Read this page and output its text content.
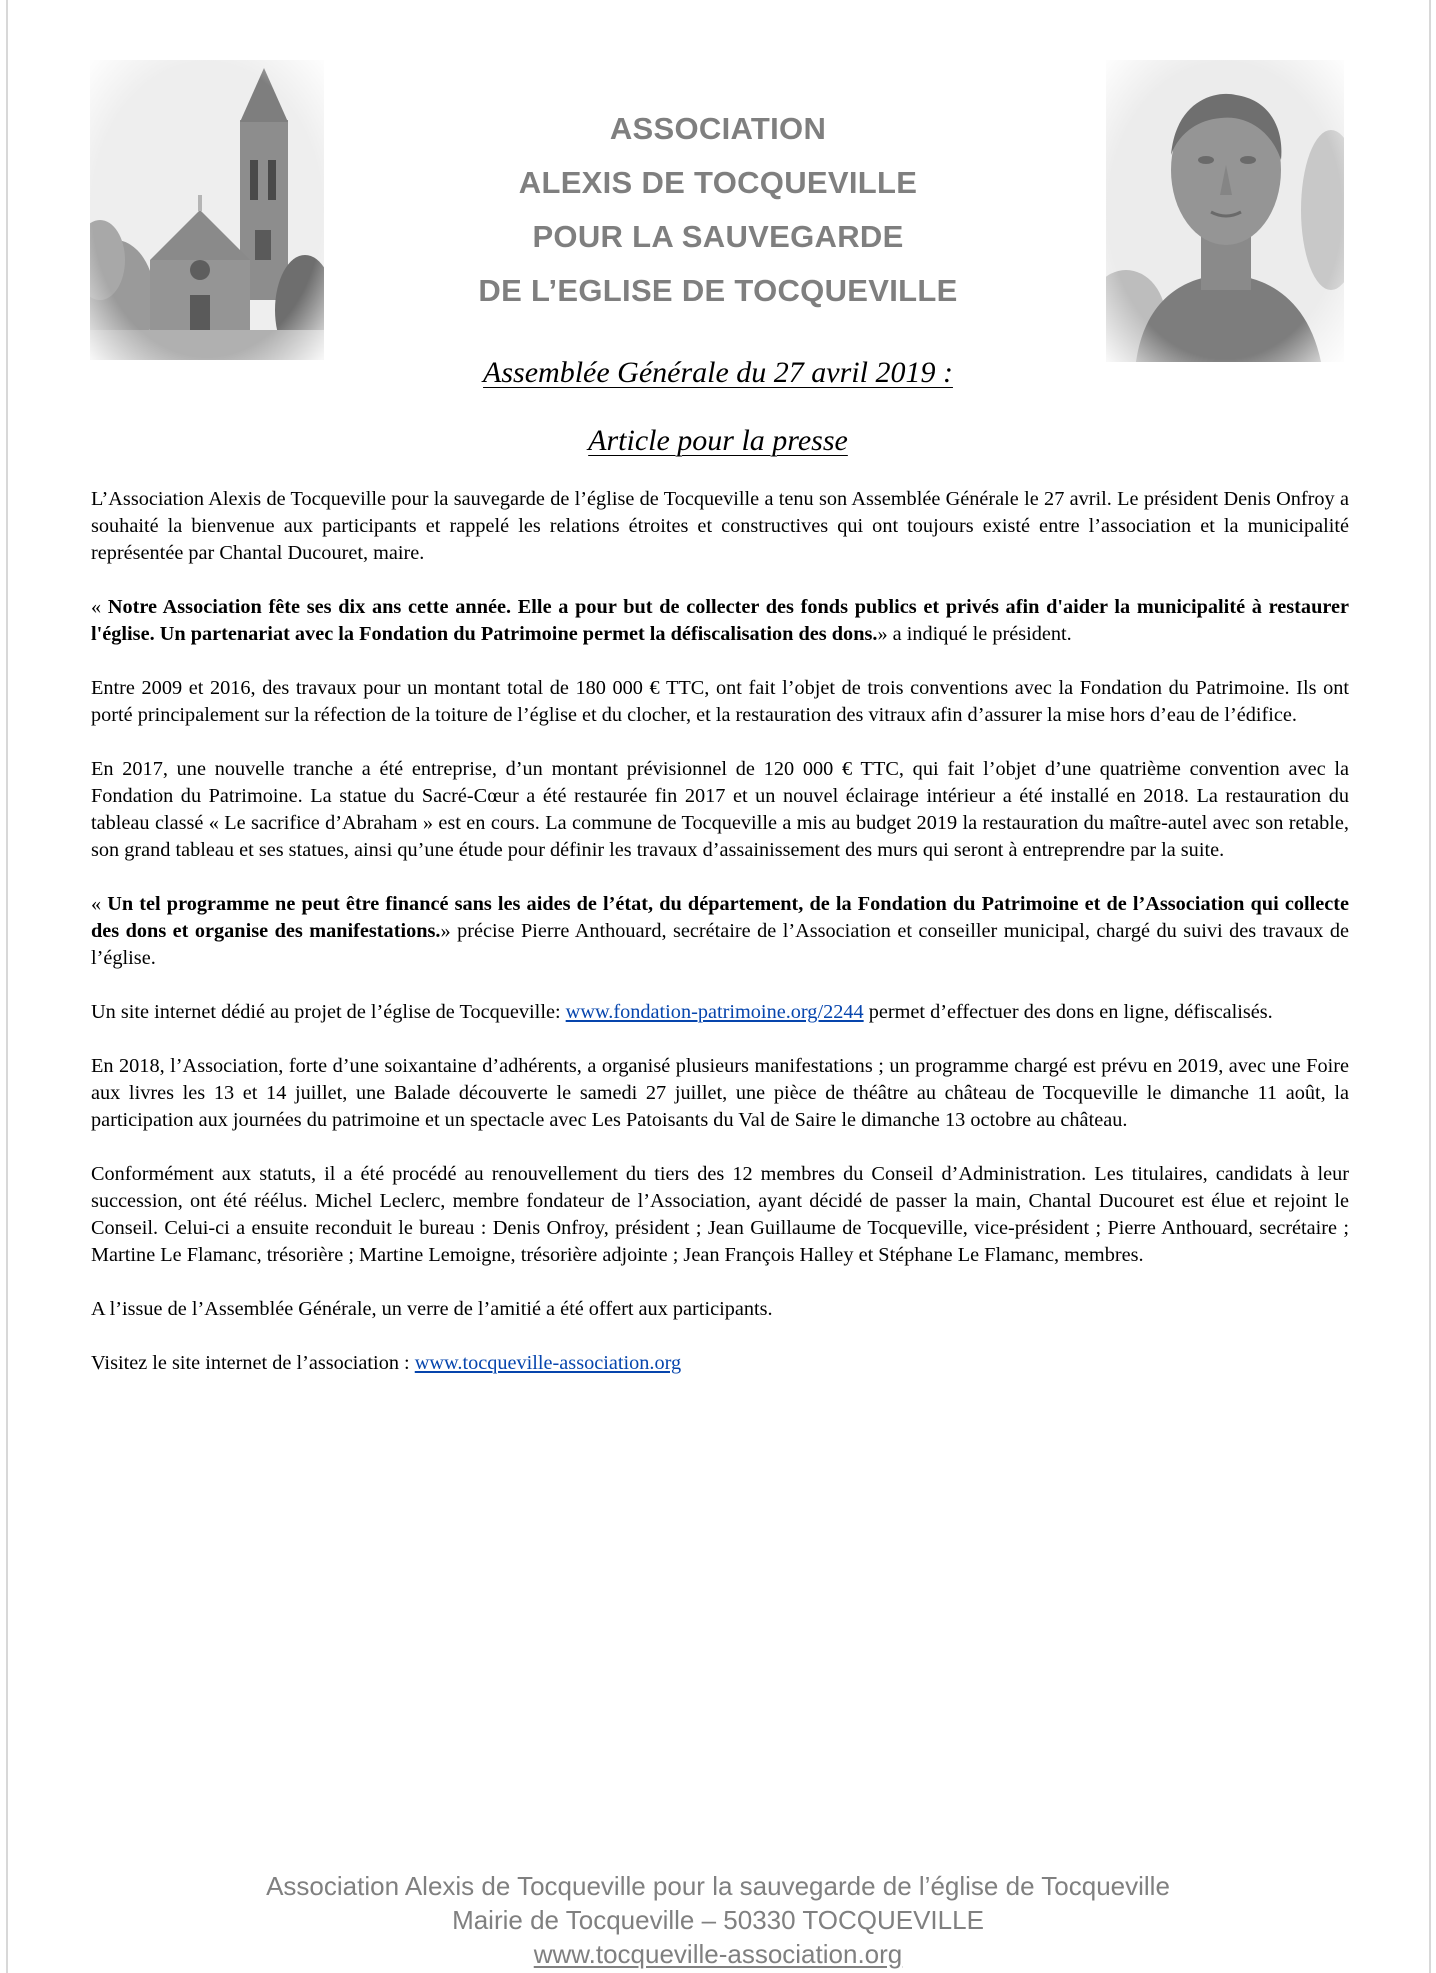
ASSOCIATION
ALEXIS DE TOCQUEVILLE
POUR LA SAUVEGARDE
DE L’EGLISE DE TOCQUEVILLE
Assemblée Générale du 27 avril 2019 :
Article pour la presse

L’Association Alexis de Tocqueville pour la sauvegarde de l’église de Tocqueville a tenu son Assemblée Générale le 27 avril. Le président Denis Onfroy a souhaité la bienvenue aux participants et rappelé les relations étroites et constructives qui ont toujours existé entre l’association et la municipalité représentée par Chantal Ducouret, maire.

« Notre Association fête ses dix ans cette année. Elle a pour but de collecter des fonds publics et privés afin d'aider la municipalité à restaurer l'église. Un partenariat avec la Fondation du Patrimoine permet la défiscalisation des dons.» a indiqué le président.

Entre 2009 et 2016, des travaux pour un montant total de 180 000 € TTC, ont fait l’objet de trois conventions avec la Fondation du Patrimoine. Ils ont porté principalement sur la réfection de la toiture de l’église et du clocher, et la restauration des vitraux afin d’assurer la mise hors d’eau de l’édifice.

En 2017, une nouvelle tranche a été entreprise, d’un montant prévisionnel de 120 000 € TTC, qui fait l’objet d’une quatrième convention avec la Fondation du Patrimoine. La statue du Sacré-Cœur a été restaurée fin 2017 et un nouvel éclairage intérieur a été installé en 2018. La restauration du tableau classé « Le sacrifice d’Abraham » est en cours. La commune de Tocqueville a mis au budget 2019 la restauration du maître-autel avec son retable, son grand tableau et ses statues, ainsi qu’une étude pour définir les travaux d’assainissement des murs qui seront à entreprendre par la suite.

« Un tel programme ne peut être financé sans les aides de l’état, du département, de la Fondation du Patrimoine et de l’Association qui collecte des dons et organise des manifestations.» précise Pierre Anthouard, secrétaire de l’Association et conseiller municipal, chargé du suivi des travaux de l’église.

Un site internet dédié au projet de l’église de Tocqueville: www.fondation-patrimoine.org/2244 permet d’effectuer des dons en ligne, défiscalisés.

En 2018, l’Association, forte d’une soixantaine d’adhérents, a organisé plusieurs manifestations ; un programme chargé est prévu en 2019, avec une Foire aux livres les 13 et 14 juillet, une Balade découverte le samedi 27 juillet, une pièce de théâtre au château de Tocqueville le dimanche 11 août, la participation aux journées du patrimoine et un spectacle avec Les Patoisants du Val de Saire le dimanche 13 octobre au château.

Conformément aux statuts, il a été procédé au renouvellement du tiers des 12 membres du Conseil d’Administration. Les titulaires, candidats à leur succession, ont été réélus. Michel Leclerc, membre fondateur de l’Association, ayant décidé de passer la main, Chantal Ducouret est élue et rejoint le Conseil. Celui-ci a ensuite reconduit le bureau : Denis Onfroy, président ; Jean Guillaume de Tocqueville, vice-président ; Pierre Anthouard, secrétaire ; Martine Le Flamanc, trésorière ; Martine Lemoigne, trésorière adjointe ; Jean François Halley et Stéphane Le Flamanc, membres.

A l’issue de l’Assemblée Générale, un verre de l’amitié a été offert aux participants.

Visitez le site internet de l’association : www.tocqueville-association.org

Association Alexis de Tocqueville pour la sauvegarde de l’église de Tocqueville
Mairie de Tocqueville – 50330 TOCQUEVILLE
www.tocqueville-association.org
